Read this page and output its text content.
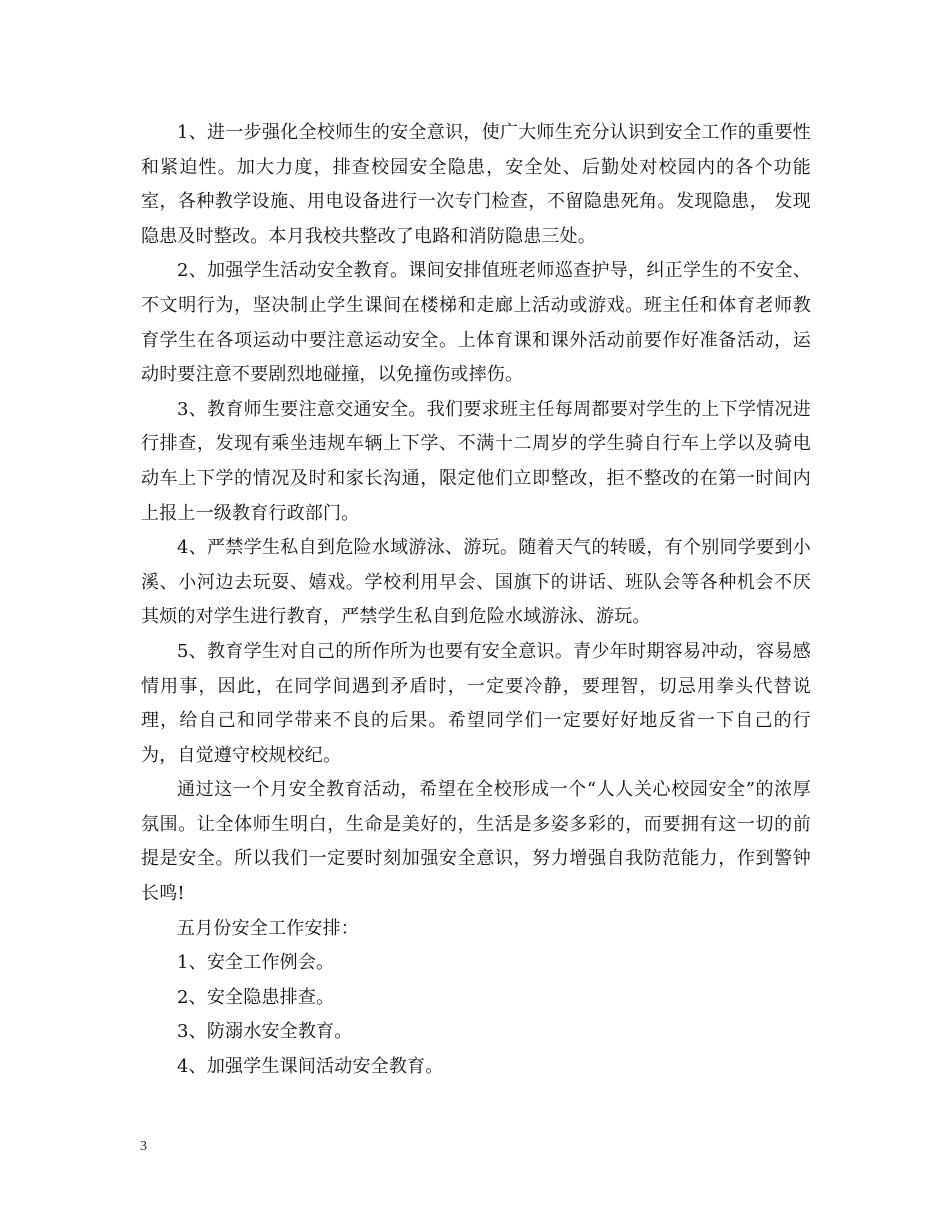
1、进一步强化全校师生的安全意识，使广大师生充分认识到安全工作的重要性和紧迫性。加大力度，排查校园安全隐患，安全处、后勤处对校园内的各个功能室，各种教学设施、用电设备进行一次专门检查，不留隐患死角。发现隐患， 发现隐患及时整改。本月我校共整改了电路和消防隐患三处。

2、加强学生活动安全教育。课间安排值班老师巡查护导，纠正学生的不安全、不文明行为，坚决制止学生课间在楼梯和走廊上活动或游戏。班主任和体育老师教育学生在各项运动中要注意运动安全。上体育课和课外活动前要作好准备活动，运动时要注意不要剧烈地碰撞，以免撞伤或摔伤。

3、教育师生要注意交通安全。我们要求班主任每周都要对学生的上下学情况进行排查，发现有乘坐违规车辆上下学、不满十二周岁的学生骑自行车上学以及骑电动车上下学的情况及时和家长沟通，限定他们立即整改，拒不整改的在第一时间内上报上一级教育行政部门。

4、严禁学生私自到危险水域游泳、游玩。随着天气的转暖，有个别同学要到小溪、小河边去玩耍、嬉戏。学校利用早会、国旗下的讲话、班队会等各种机会不厌其烦的对学生进行教育，严禁学生私自到危险水域游泳、游玩。

5、教育学生对自己的所作所为也要有安全意识。青少年时期容易冲动，容易感情用事，因此，在同学间遇到矛盾时，一定要冷静，要理智，切忌用拳头代替说理，给自己和同学带来不良的后果。希望同学们一定要好好地反省一下自己的行为，自觉遵守校规校纪。

通过这一个月安全教育活动，希望在全校形成一个“人人关心校园安全”的浓厚氛围。让全体师生明白，生命是美好的，生活是多姿多彩的，而要拥有这一切的前提是安全。所以我们一定要时刻加强安全意识，努力增强自我防范能力，作到警钟长鸣!

五月份安全工作安排：

1、安全工作例会。

2、安全隐患排查。

3、防溺水安全教育。

4、加强学生课间活动安全教育。

3
